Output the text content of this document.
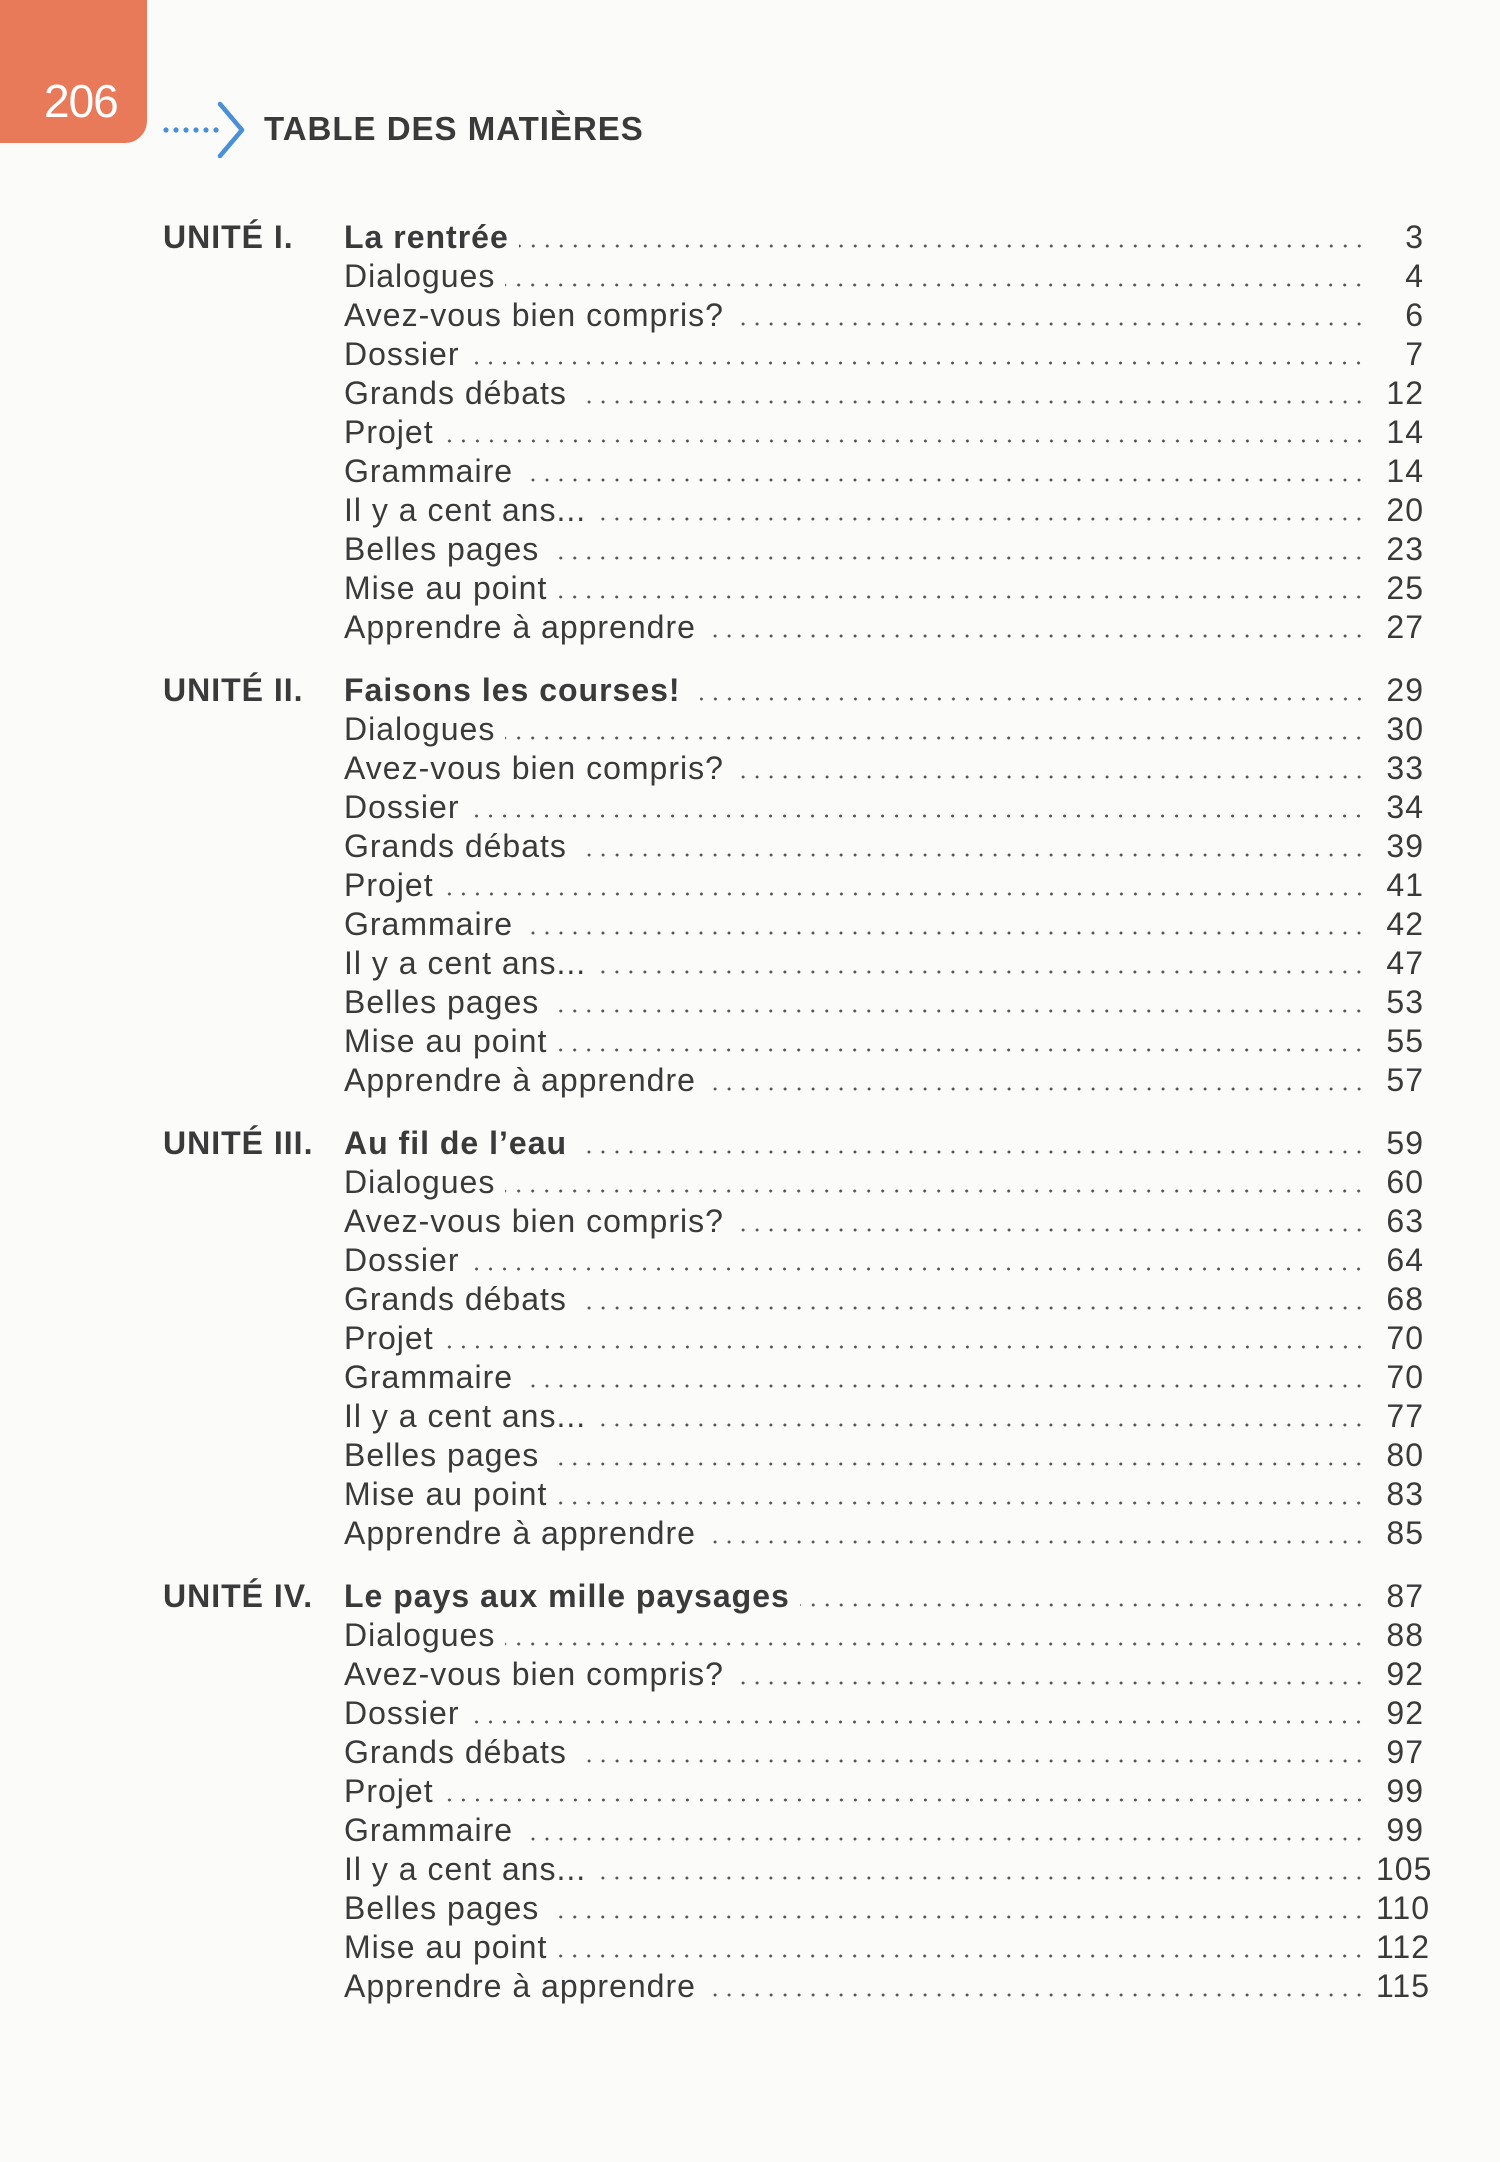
206
TABLE DES MATIÈRES
UNITÉ I. La rentrée	3
Dialogues	4
Avez-vous bien compris?	6
Dossier	7
Grands débats	12
Projet	14
Grammaire	14
Il y a cent ans...	20
Belles pages	23
Mise au point	25
Apprendre à apprendre	27
UNITÉ II. Faisons les courses!	29
Dialogues	30
Avez-vous bien compris?	33
Dossier	34
Grands débats	39
Projet	41
Grammaire	42
Il y a cent ans...	47
Belles pages	53
Mise au point	55
Apprendre à apprendre	57
UNITÉ III. Au fil de l’eau	59
Dialogues	60
Avez-vous bien compris?	63
Dossier	64
Grands débats	68
Projet	70
Grammaire	70
Il y a cent ans...	77
Belles pages	80
Mise au point	83
Apprendre à apprendre	85
UNITÉ IV. Le pays aux mille paysages	87
Dialogues	88
Avez-vous bien compris?	92
Dossier	92
Grands débats	97
Projet	99
Grammaire	99
Il y a cent ans...	105
Belles pages	110
Mise au point	112
Apprendre à apprendre	115
